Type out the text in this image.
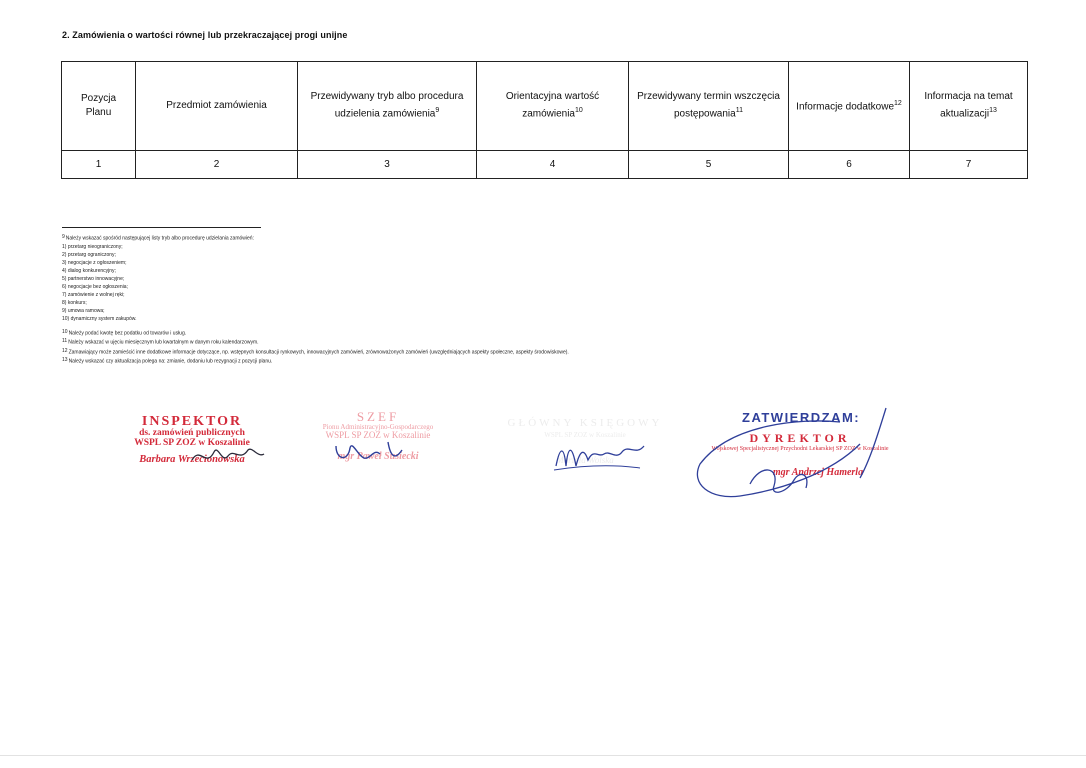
2. Zamówienia o wartości równej lub przekraczającej progi unijne
Pozycja Planu	Przedmiot zamówienia	Przewidywany tryb albo procedura udzielenia zamówienia$^9$	Orientacyjna wartość zamówienia$^{10}$	Przewidywany termin wszczęcia postępowania$^{11}$	Informacje dodatkowe$^{12}$	Informacja na temat aktualizacji$^{13}$
1	2	3	4	5	6	7
$^9$Należy wskazać spośród następującej listy tryb albo procedurę udzielania zamówień:
1) przetarg nieograniczony;
2) przetarg ograniczony;
3) negocjacje z ogłoszeniem;
4) dialog konkurencyjny;
5) partnerstwo innowacyjne;
6) negocjacje bez ogłoszenia;
7) zamówienie z wolnej ręki;
8) konkurs;
9) umowa ramowa;
10) dynamiczny system zakupów.
$^{10}$Należy podać kwotę bez podatku od towarów i usług.
$^{11}$Należy wskazać w ujęciu miesięcznym lub kwartalnym w danym roku kalendarzowym.
$^{12}$Zamawiający może zamieścić inne dodatkowe informacje dotyczące, np. wstępnych konsultacji rynkowych, innowacyjnych zamówień, zrównoważonych zamówień (uwzględniających aspekty społeczne, aspekty środowiskowe).
$^{13}$Należy wskazać czy aktualizacja polega na: zmianie, dodaniu lub rezygnacji z pozycji planu.
INSPEKTOR
ds. zamówień publicznych
WSPL SP ZOZ w Koszalinie
Barbara Wrzecionowska
SZEF
Pionu Administracyjno-Gospodarczego
WSPL SP ZOZ w Koszalinie
mgr Paweł Susiecki
GŁÓWNY KSIĘGOWY
WSPL SP ZOZ w Koszalinie
Mariola Wolska
ZATWIERDZAM:
DYREKTOR
Wojskowej Specjalistycznej Przychodni Lekarskiej SP ZOZ w Koszalinie
mgr Andrzej Hamerla
